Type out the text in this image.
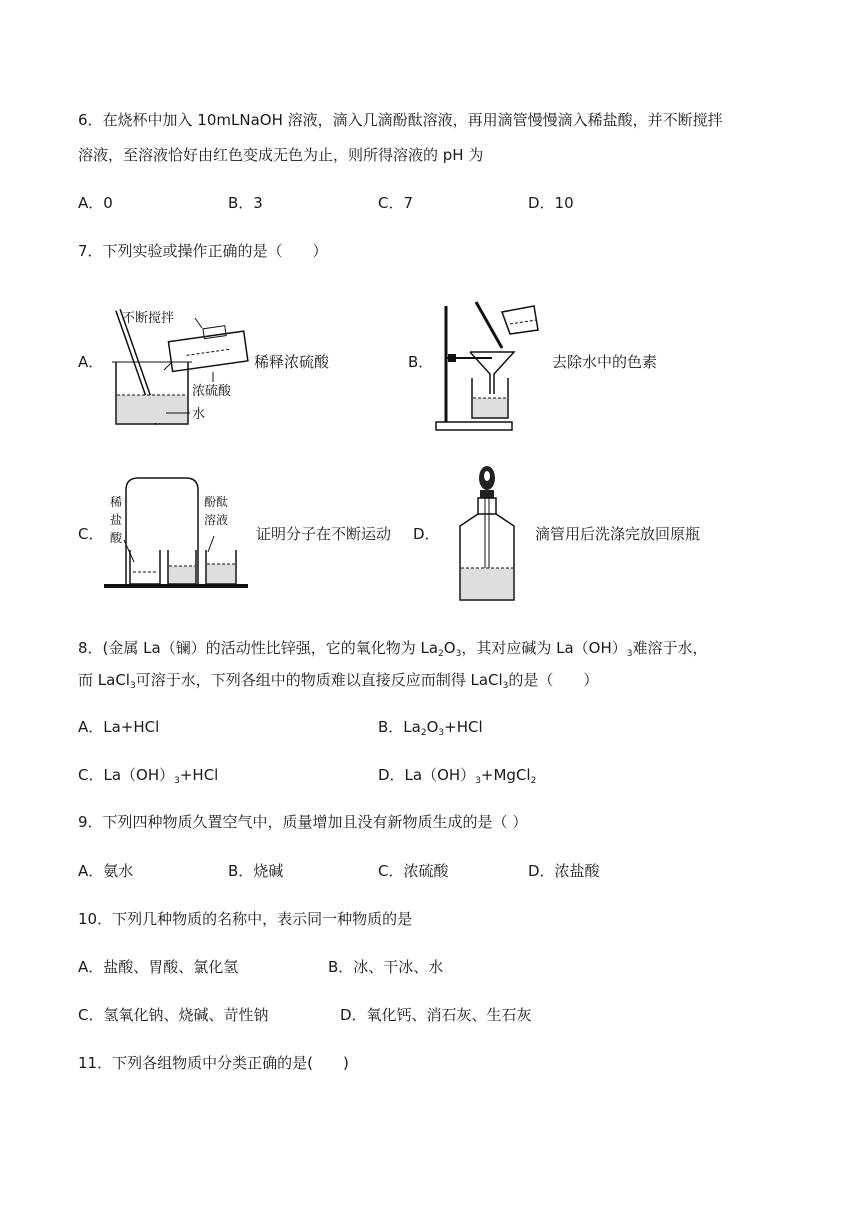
6．在烧杯中加入 10mLNaOH 溶液，滴入几滴酚酞溶液，再用滴管慢慢滴入稀盐酸，并不断搅拌
溶液，至溶液恰好由红色变成无色为止，则所得溶液的 pH 为
A．0	B．3	C．7	D．10
7．下列实验或操作正确的是（　　）
A．
不断搅拌
浓硫酸
水
稀释浓硫酸	B．	去除水中的色素
C．
稀
盐
酸
酚酞
溶液
证明分子在不断运动 D．	滴管用后洗涤完放回原瓶
8．(金属 La（镧）的活动性比锌强，它的氧化物为 $La_2O_3$，其对应碱为 $La(OH)_3$难溶于水，
而 LaCl$_3$可溶于水，下列各组中的物质难以直接反应而制得 LaCl$_3$的是（　　）
A．La+HCl	B．$La_2O_3+HCl$
C．$La(OH)_3+HCl$	D．$La(OH)_3+MgCl_2$
9．下列四种物质久置空气中，质量增加且没有新物质生成的是（ ）
A．氨水	B．烧碱	C．浓硫酸	D．浓盐酸
10．下列几种物质的名称中，表示同一种物质的是
A．盐酸、胃酸、氯化氢	B．冰、干冰、水
C．氢氧化钠、烧碱、苛性钠	D．氧化钙、消石灰、生石灰
11．下列各组物质中分类正确的是(　　)
